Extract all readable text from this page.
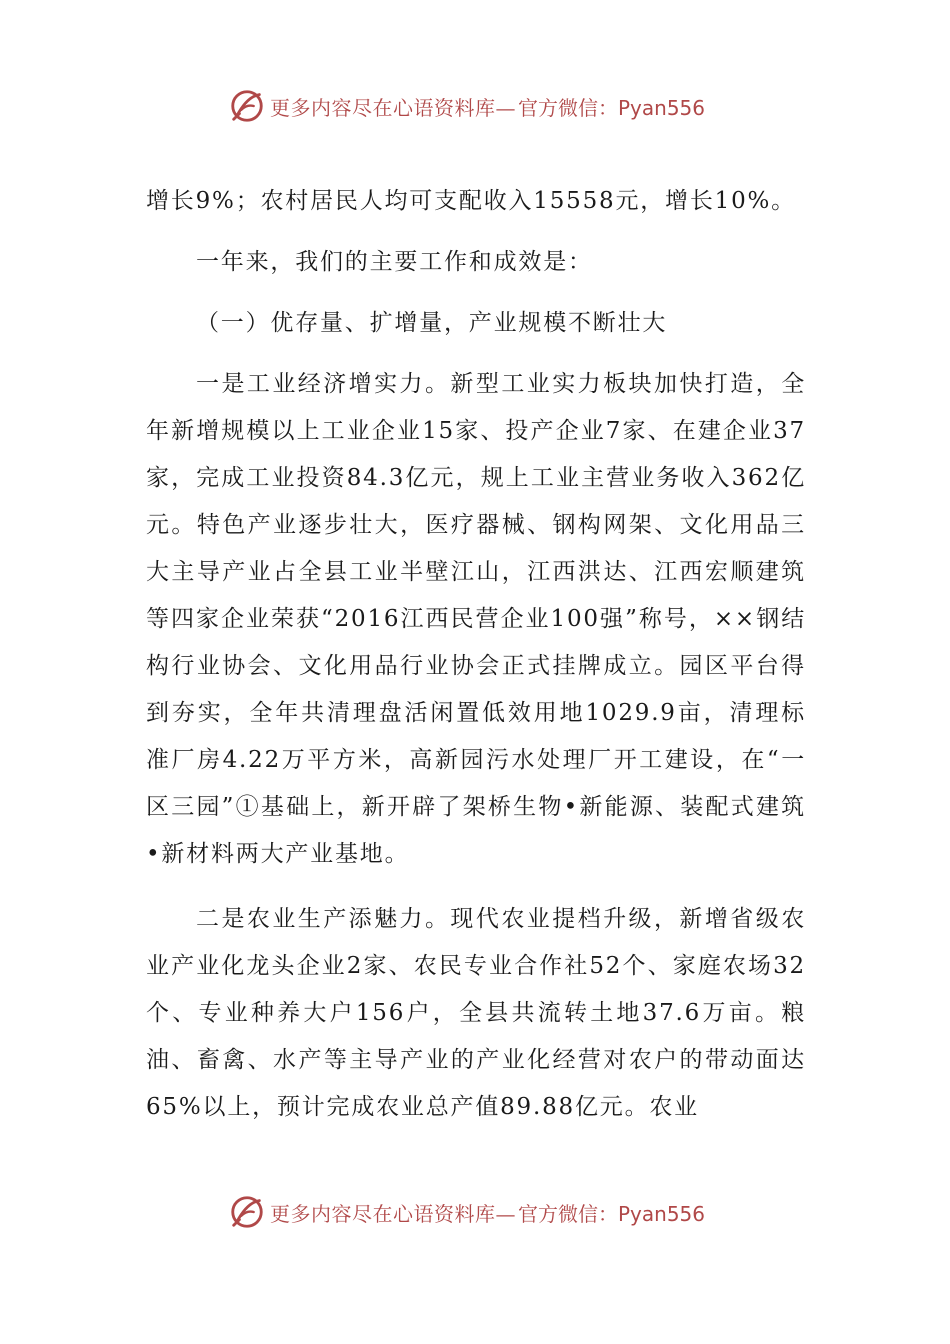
更多内容尽在心语资料库— 官方微信：Pyan556

增长9%；农村居民人均可支配收入15558元，增长10%。

一年来，我们的主要工作和成效是：

（一）优存量、扩增量，产业规模不断壮大

一是工业经济增实力。新型工业实力板块加快打造，全年新增规模以上工业企业15家、投产企业7家、在建企业37家，完成工业投资84.3亿元，规上工业主营业务收入362亿元。特色产业逐步壮大，医疗器械、钢构网架、文化用品三大主导产业占全县工业半壁江山，江西洪达、江西宏顺建筑等四家企业荣获“2016江西民营企业100强”称号，××钢结构行业协会、文化用品行业协会正式挂牌成立。园区平台得到夯实，全年共清理盘活闲置低效用地1029.9亩，清理标准厂房4.22万平方米，高新园污水处理厂开工建设，在“一区三园”①基础上，新开辟了架桥生物•新能源、装配式建筑•新材料两大产业基地。

二是农业生产添魅力。现代农业提档升级，新增省级农业产业化龙头企业2家、农民专业合作社52个、家庭农场32个、专业种养大户156户，全县共流转土地37.6万亩。粮油、畜禽、水产等主导产业的产业化经营对农户的带动面达65%以上，预计完成农业总产值89.88亿元。农业

更多内容尽在心语资料库— 官方微信：Pyan556
